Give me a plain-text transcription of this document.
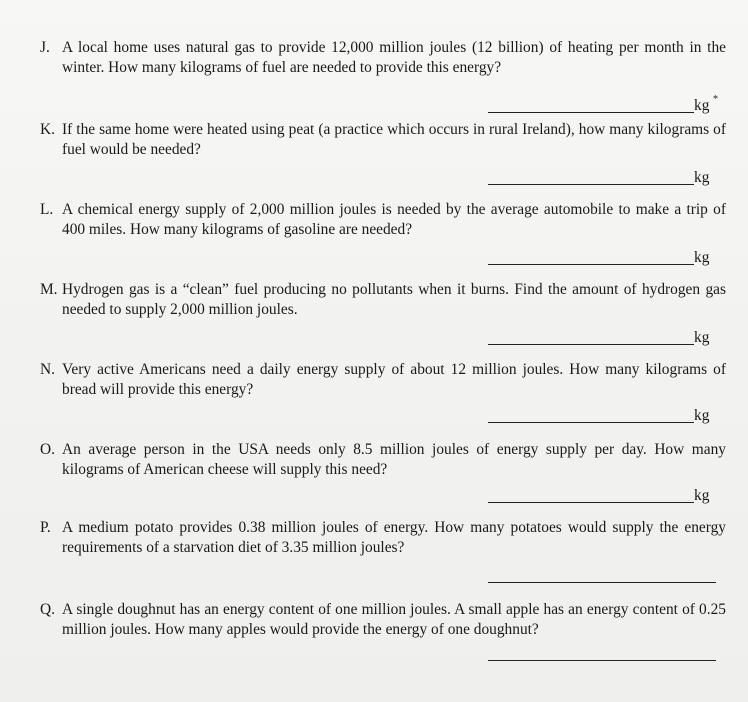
J. A local home uses natural gas to provide 12,000 million joules (12 billion) of heating per month in the winter. How many kilograms of fuel are needed to provide this energy?
kg *
K. If the same home were heated using peat (a practice which occurs in rural Ireland), how many kilograms of fuel would be needed?
kg
L. A chemical energy supply of 2,000 million joules is needed by the average automobile to make a trip of 400 miles. How many kilograms of gasoline are needed?
kg
M. Hydrogen gas is a “clean” fuel producing no pollutants when it burns. Find the amount of hydrogen gas needed to supply 2,000 million joules.
kg
N. Very active Americans need a daily energy supply of about 12 million joules. How many kilograms of bread will provide this energy?
kg
O. An average person in the USA needs only 8.5 million joules of energy supply per day. How many kilograms of American cheese will supply this need?
kg
P. A medium potato provides 0.38 million joules of energy. How many potatoes would supply the energy requirements of a starvation diet of 3.35 million joules?
Q. A single doughnut has an energy content of one million joules. A small apple has an energy content of 0.25 million joules. How many apples would provide the energy of one doughnut?
